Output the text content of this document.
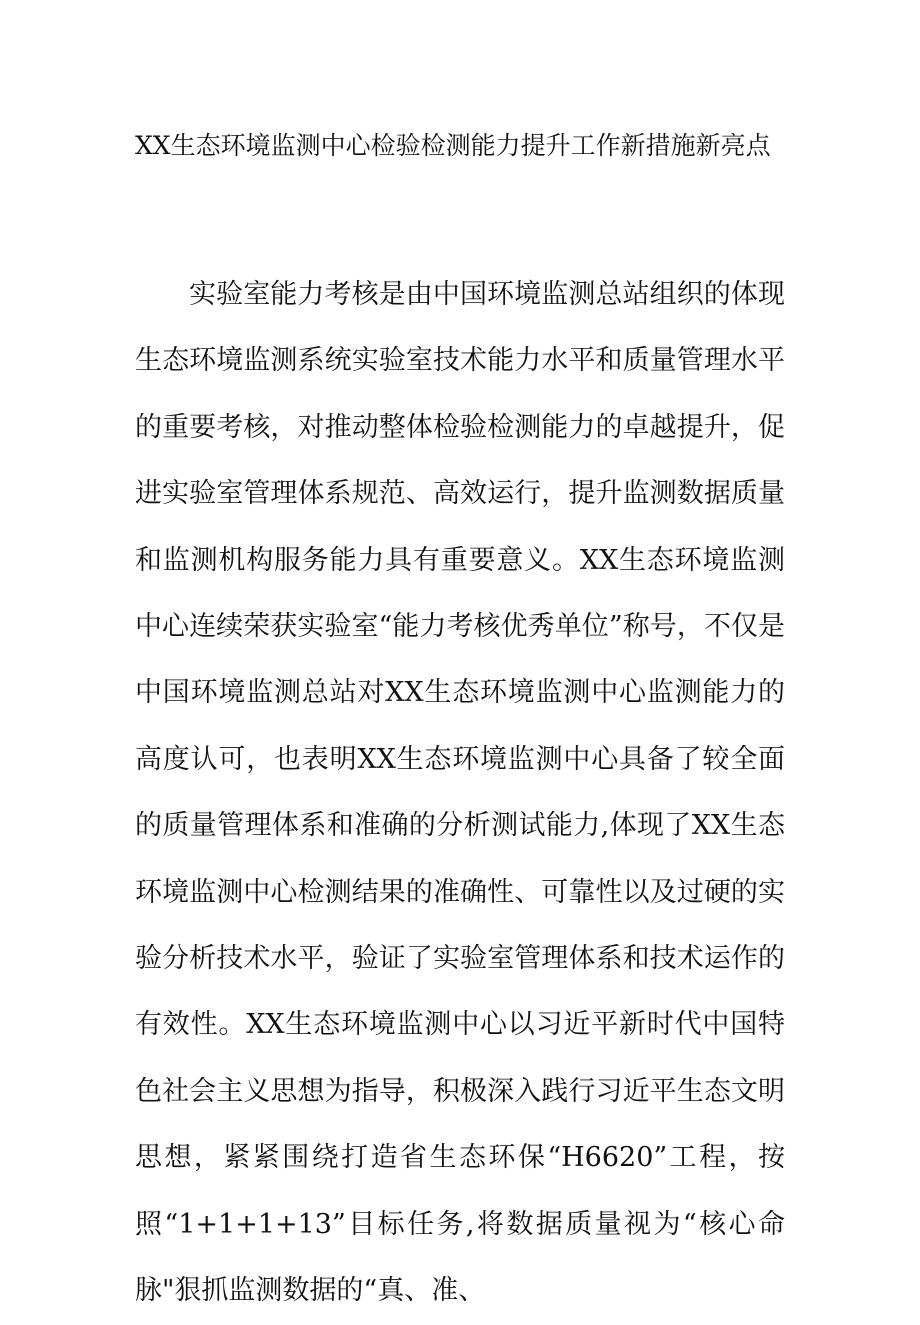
XX生态环境监测中心检验检测能力提升工作新措施新亮点

实验室能力考核是由中国环境监测总站组织的体现生态环境监测系统实验室技术能力水平和质量管理水平的重要考核，对推动整体检验检测能力的卓越提升，促进实验室管理体系规范、高效运行，提升监测数据质量和监测机构服务能力具有重要意义。XX生态环境监测中心连续荣获实验室“能力考核优秀单位”称号，不仅是中国环境监测总站对XX生态环境监测中心监测能力的高度认可，也表明XX生态环境监测中心具备了较全面的质量管理体系和准确的分析测试能力,体现了XX生态环境监测中心检测结果的准确性、可靠性以及过硬的实验分析技术水平，验证了实验室管理体系和技术运作的有效性。XX生态环境监测中心以习近平新时代中国特色社会主义思想为指导，积极深入践行习近平生态文明思想，紧紧围绕打造省生态环保“H6620”工程，按照“1+1+1+13”目标任务,将数据质量视为“核心命脉"狠抓监测数据的“真、准、
